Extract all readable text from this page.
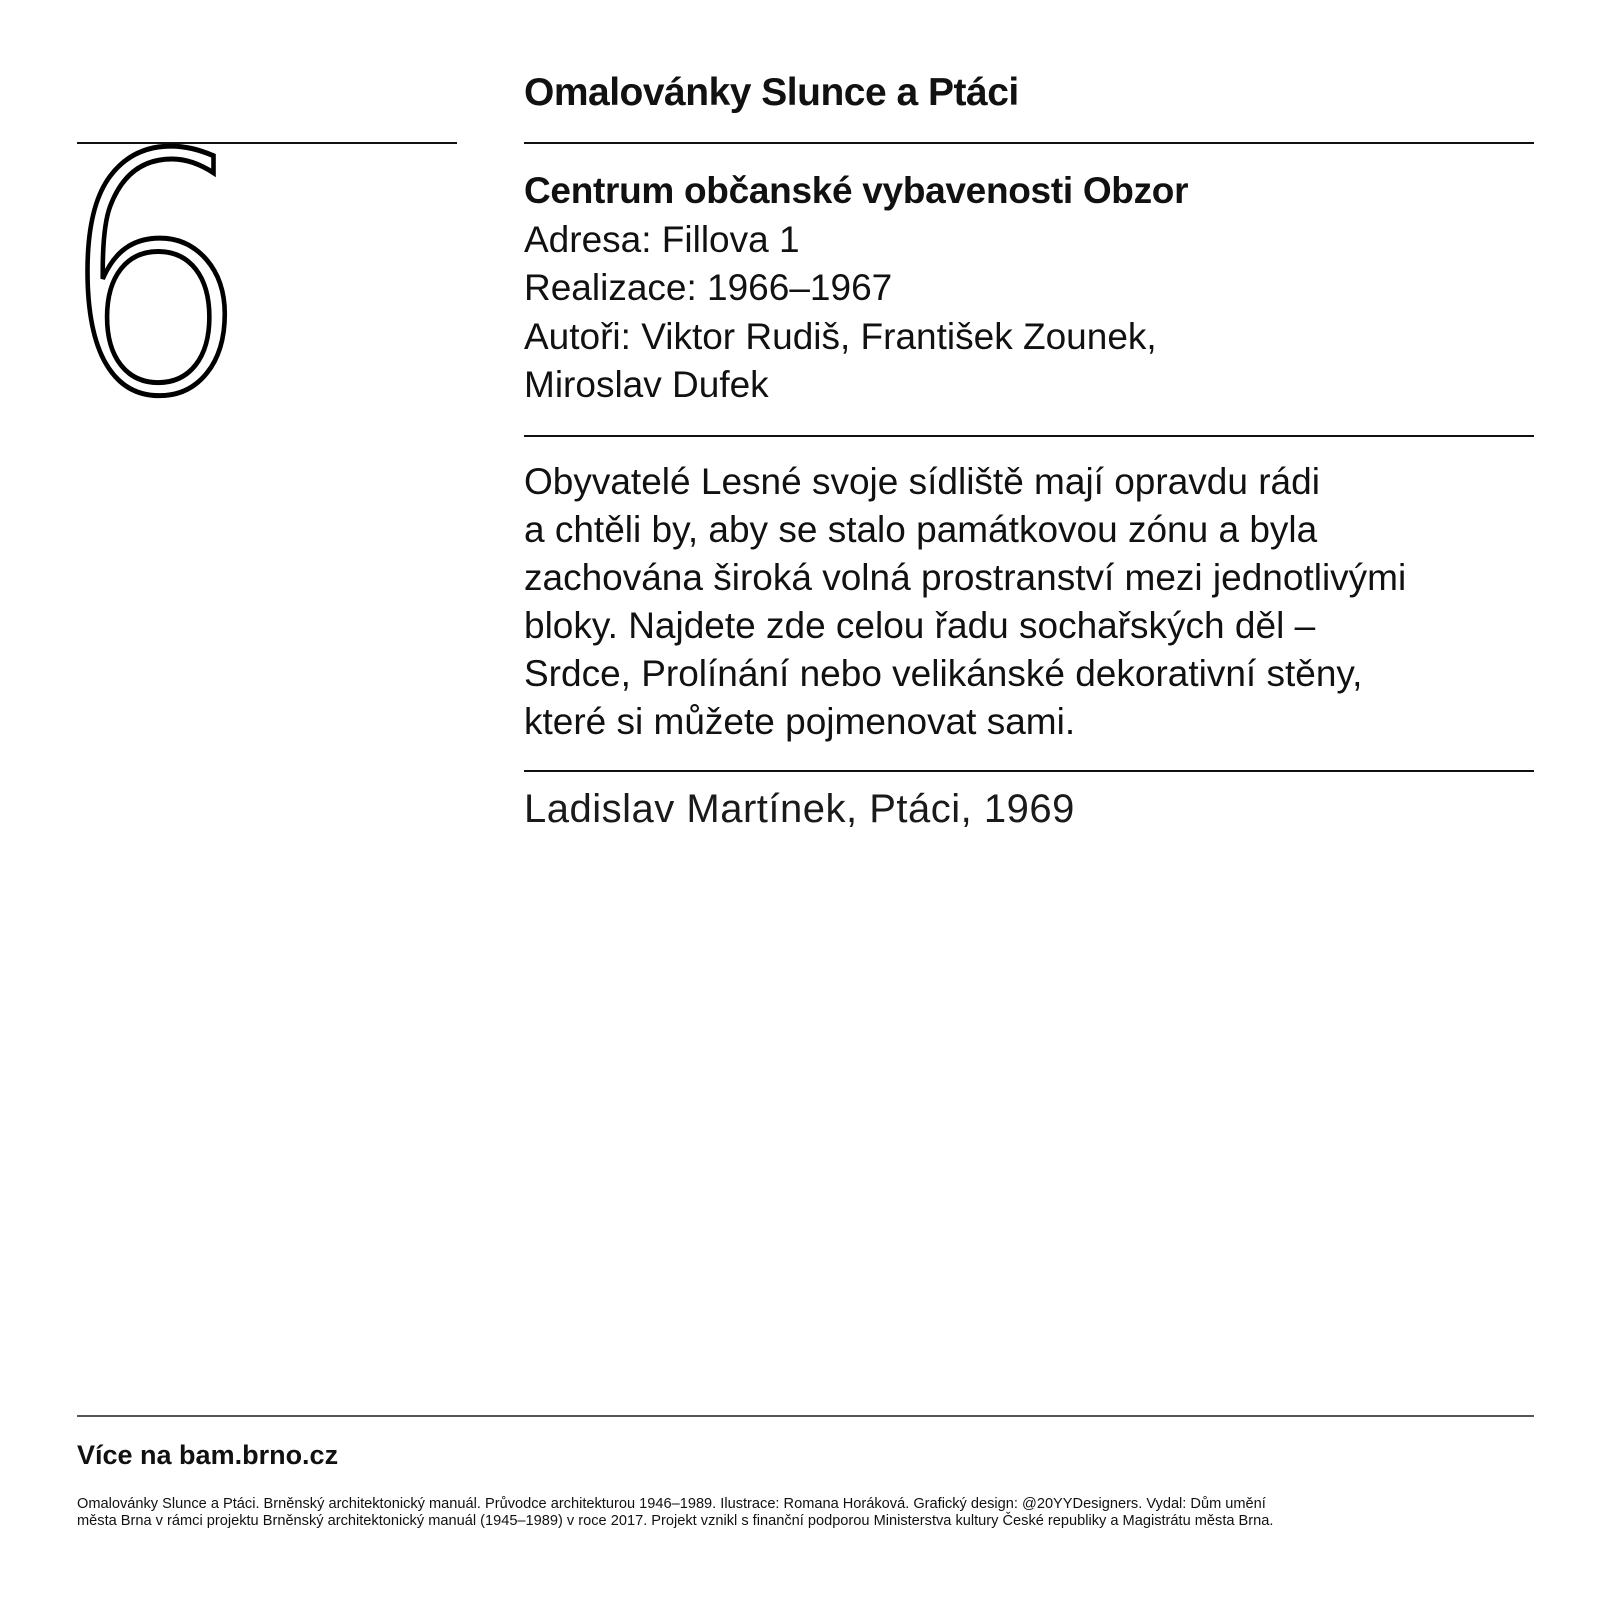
6	Omalovánky Slunce a Ptáci
Centrum občanské vybavenosti Obzor
Adresa: Fillova 1
Realizace: 1966–1967
Autoři: Viktor Rudiš, František Zounek,
Miroslav Dufek
Obyvatelé Lesné svoje sídliště mají opravdu rádi
a chtěli by, aby se stalo památkovou zónu a byla
zachována široká volná prostranství mezi jednotlivými
bloky. Najdete zde celou řadu sochařských děl –
Srdce, Prolínání nebo velikánské dekorativní stěny,
které si můžete pojmenovat sami.
Ladislav Martínek, Ptáci, 1969
Více na bam.brno.cz
Omalovánky Slunce a Ptáci. Brněnský architektonický manuál. Průvodce architekturou 1946–1989. Ilustrace: Romana Horáková. Grafický design: @20YYDesigners. Vydal: Dům umění
města Brna v rámci projektu Brněnský architektonický manuál (1945–1989) v roce 2017. Projekt vznikl s finanční podporou Ministerstva kultury České republiky a Magistrátu města Brna.
